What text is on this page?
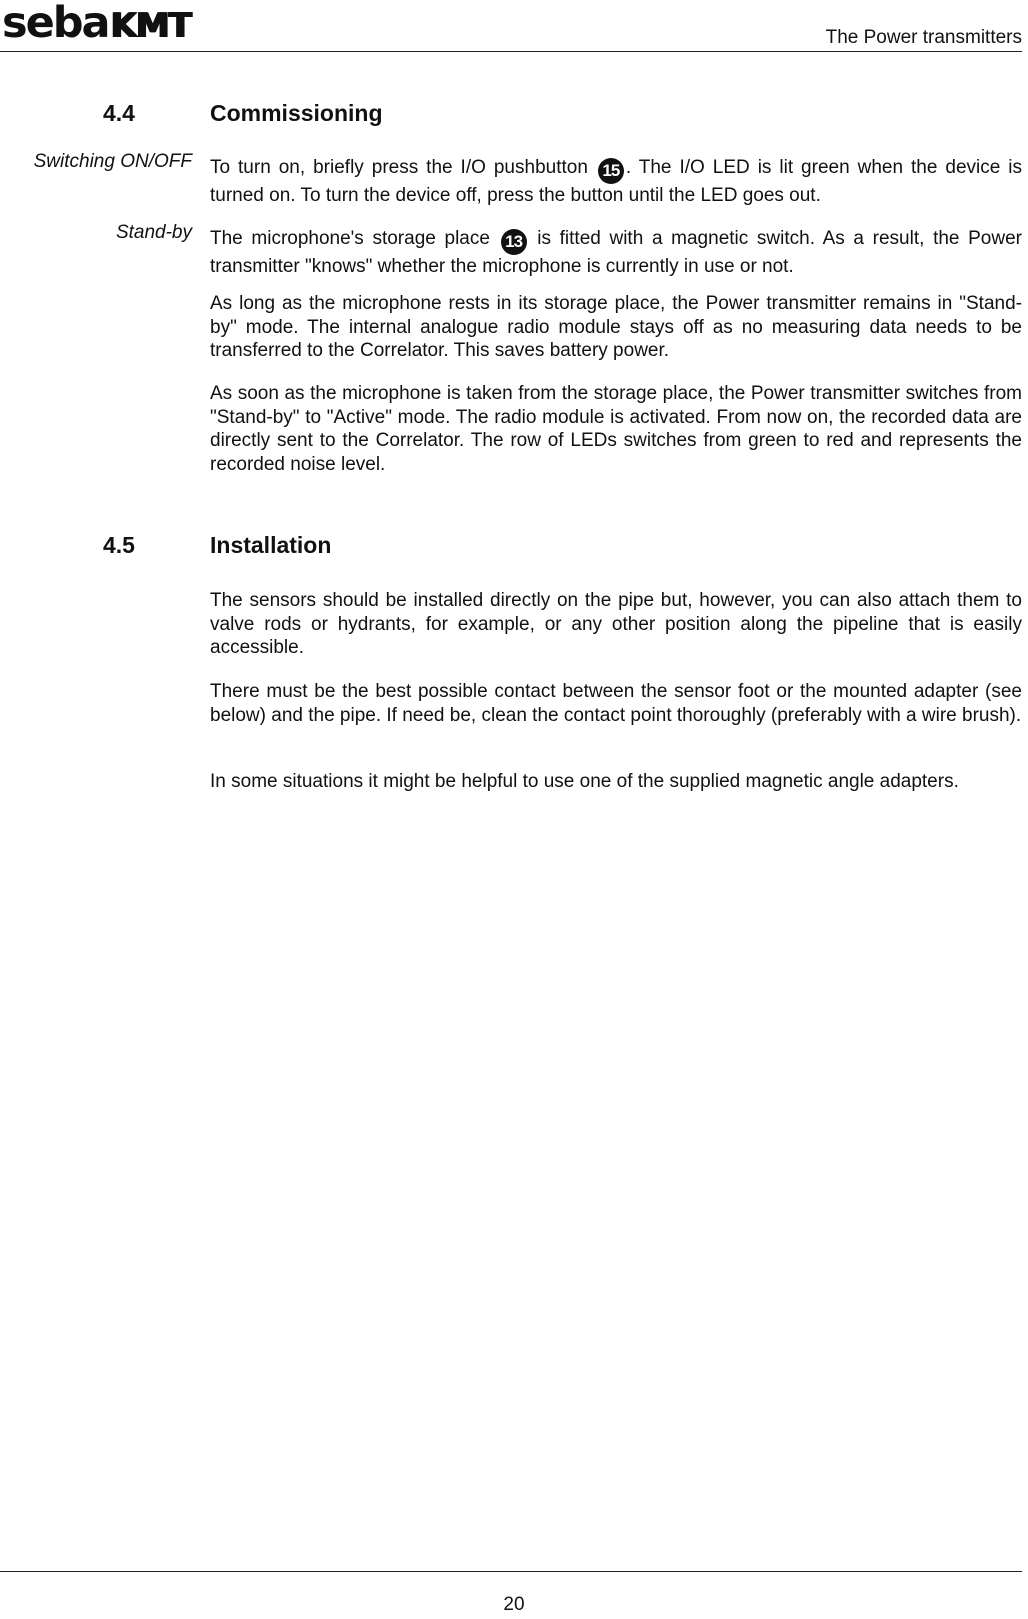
sebaKMT	The Power transmitters
4.4	Commissioning
Switching ON/OFF
Stand-by

To turn on, briefly press the I/O pushbutton 15 . The I/O LED is lit green when the device is turned on. To turn the device off, press the button until the LED goes out.

The microphone's storage place 13 is fitted with a magnetic switch. As a result, the Power transmitter "knows" whether the microphone is currently in use or not.

As long as the microphone rests in its storage place, the Power transmitter remains in "Stand-by" mode. The internal analogue radio module stays off as no measuring data needs to be transferred to the Correlator. This saves battery power.

As soon as the microphone is taken from the storage place, the Power transmitter switches from "Stand-by" to "Active" mode. The radio module is activated. From now on, the recorded data are directly sent to the Correlator. The row of LEDs switches from green to red and represents the recorded noise level.

4.5	Installation

The sensors should be installed directly on the pipe but, however, you can also attach them to valve rods or hydrants, for example, or any other position along the pipeline that is easily accessible.

There must be the best possible contact between the sensor foot or the mounted adapter (see below) and the pipe. If need be, clean the contact point thoroughly (preferably with a wire brush).

In some situations it might be helpful to use one of the supplied magnetic angle adapters.

20
